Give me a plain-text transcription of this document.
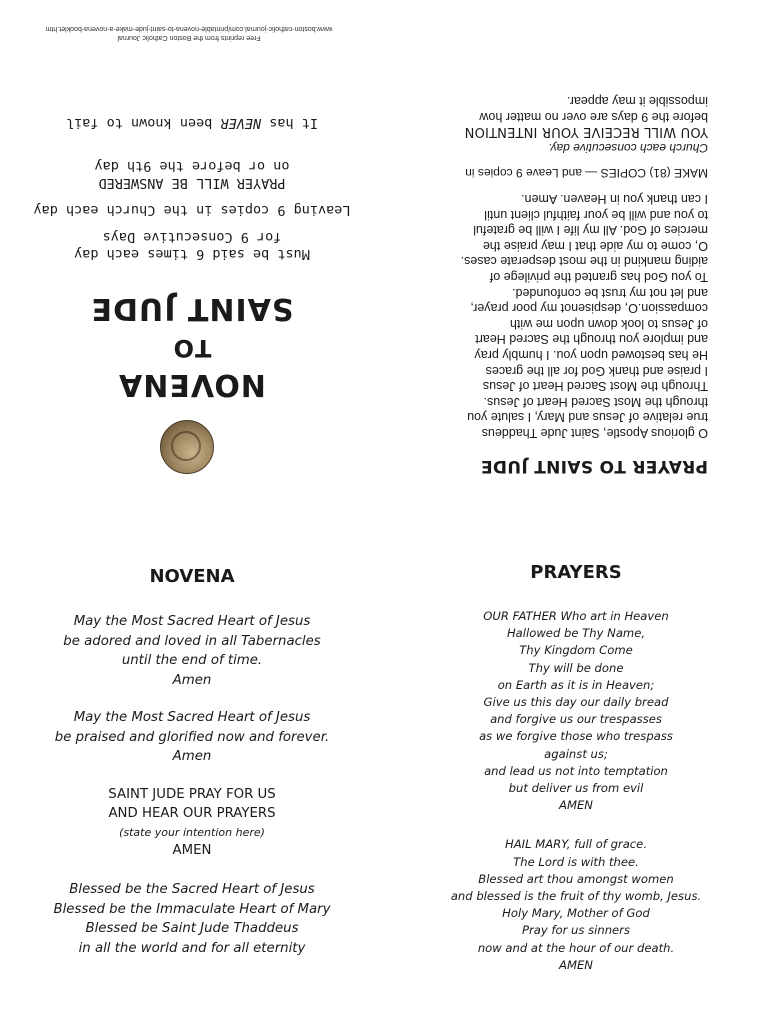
PRAYER TO SAINT JUDE

O glorious Apostle, Saint Jude Thaddeus

true relative of Jesus and Mary, I salute you

through the Most Sacred Heart of Jesus.

Through the Most Sacred Heart of Jesus

I praise and thank God for all the graces

He has bestowed upon you. I humbly pray

and implore you through the Sacred Heart

of Jesus to look down upon me with

compassion.O, despisenot my poor prayer,

and let not my trust be confounded.

To you God has granted the privilege of

aiding mankind in the most desperate cases.

O, come to my aide that I may praise the

mercies of God. All my life I will be grateful

to you and will be your faithful client until

I can thank you in Heaven. Amen.

MAKE (81) COPIES — and Leave 9 copies in

Church each consecutive day.

YOU WILL RECEIVE YOUR INTENTION

before the 9 days are over no matter how

impossible it may appear.

NOVENA
TO
SAINT JUDE

Must be said 6 times each day

for 9 Consecutive Days

Leaving 9 copies in the Church each day

PRAYER WILL BE ANSWERED

on or before the 9th day

It has NEVER been known to fail

Free reprints from the Boston Catholic Journal

www.boston-catholic-journal.com/printable-novena-to-saint-jude-make-a-novena-booklet.htm

NOVENA

May the Most Sacred Heart of Jesus

be adored and loved in all Tabernacles

until the end of time.

Amen

May the Most Sacred Heart of Jesus

be praised and glorified now and forever.

Amen

SAINT JUDE PRAY FOR US

AND HEAR OUR PRAYERS

(state your intention here)

AMEN

Blessed be the Sacred Heart of Jesus

Blessed be the Immaculate Heart of Mary

Blessed be Saint Jude Thaddeus

in all the world and for all eternity

PRAYERS

OUR FATHER Who art in Heaven

Hallowed be Thy Name,

Thy Kingdom Come

Thy will be done

on Earth as it is in Heaven;

Give us this day our daily bread

and forgive us our trespasses

as we forgive those who trespass

against us;

and lead us not into temptation

but deliver us from evil

AMEN

HAIL MARY, full of grace.

The Lord is with thee.

Blessed art thou amongst women

and blessed is the fruit of thy womb, Jesus.

Holy Mary, Mother of God

Pray for us sinners

now and at the hour of our death.

AMEN
